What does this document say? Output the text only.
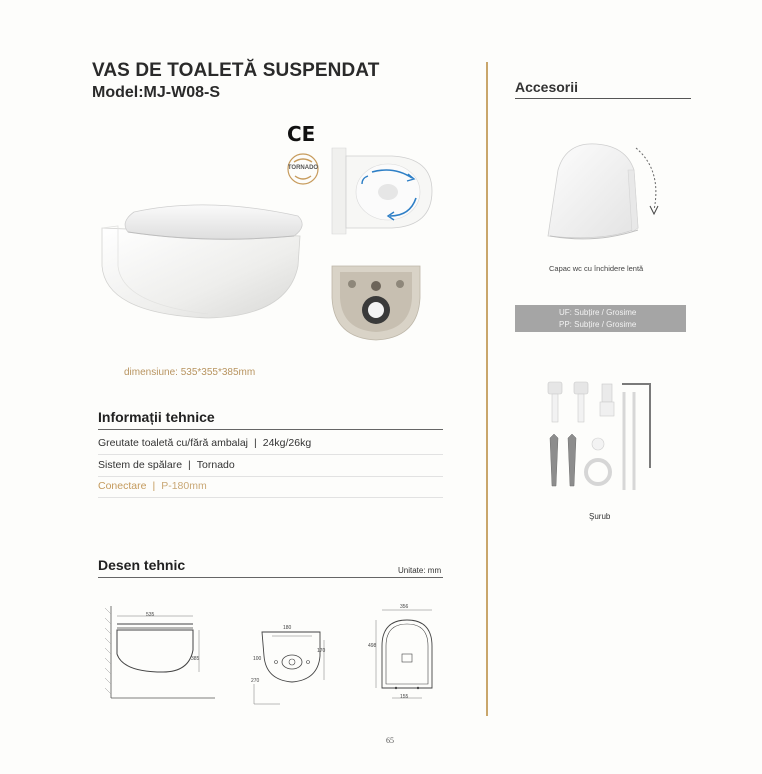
VAS DE TOALETĂ SUSPENDAT
Model:MJ-W08-S
CE
TORNADO
dimensiune: 535*355*385mm
Informații tehnice
Greutate toaletă cu/fără ambalaj | 24kg/26kg
Sistem de spălare | Tornado
Conectare | P-180mm
Desen tehnic	Unitate: mm
535
385
180
170
100
270
356
498
155
Accesorii
Capac wc cu închidere lentă
UF: Subțire / Grosime
PP: Subțire / Grosime
Şurub
65
